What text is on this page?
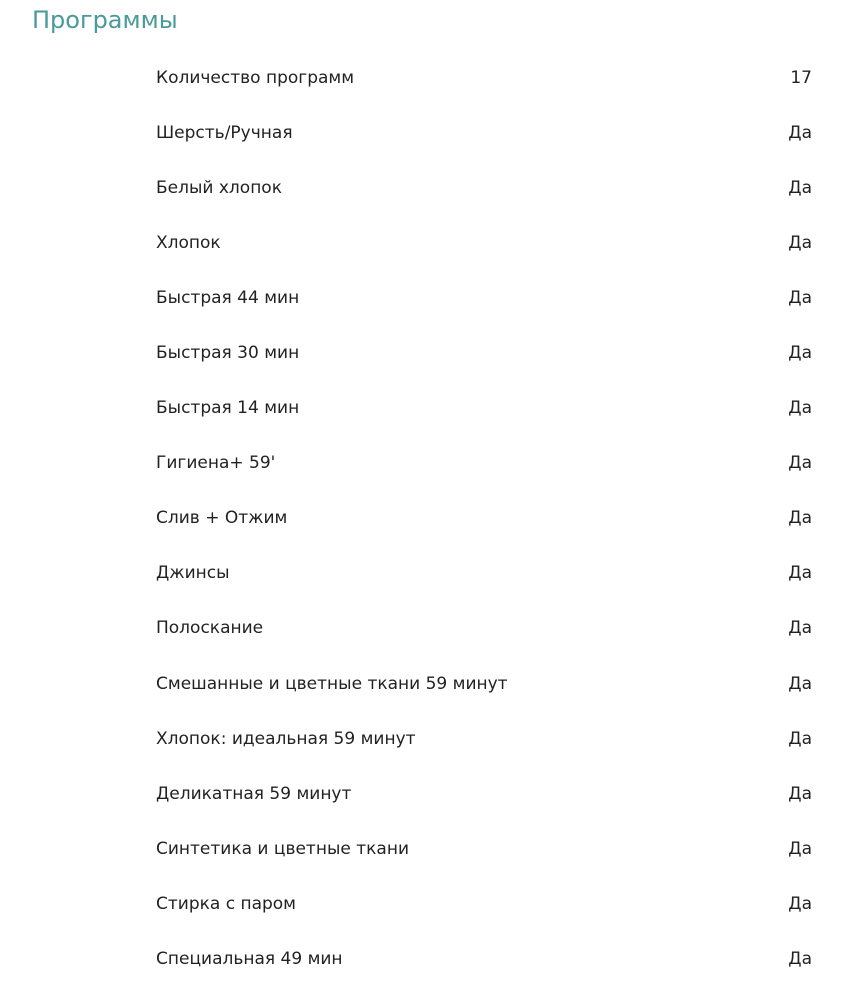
Программы
Количество программ	17
Шерсть/Ручная	Да
Белый хлопок	Да
Хлопок	Да
Быстрая 44 мин	Да
Быстрая 30 мин	Да
Быстрая 14 мин	Да
Гигиена+ 59'	Да
Слив + Отжим	Да
Джинсы	Да
Полоскание	Да
Смешанные и цветные ткани 59 минут	Да
Хлопок: идеальная 59 минут	Да
Деликатная 59 минут	Да
Синтетика и цветные ткани	Да
Стирка с паром	Да
Специальная 49 мин	Да
